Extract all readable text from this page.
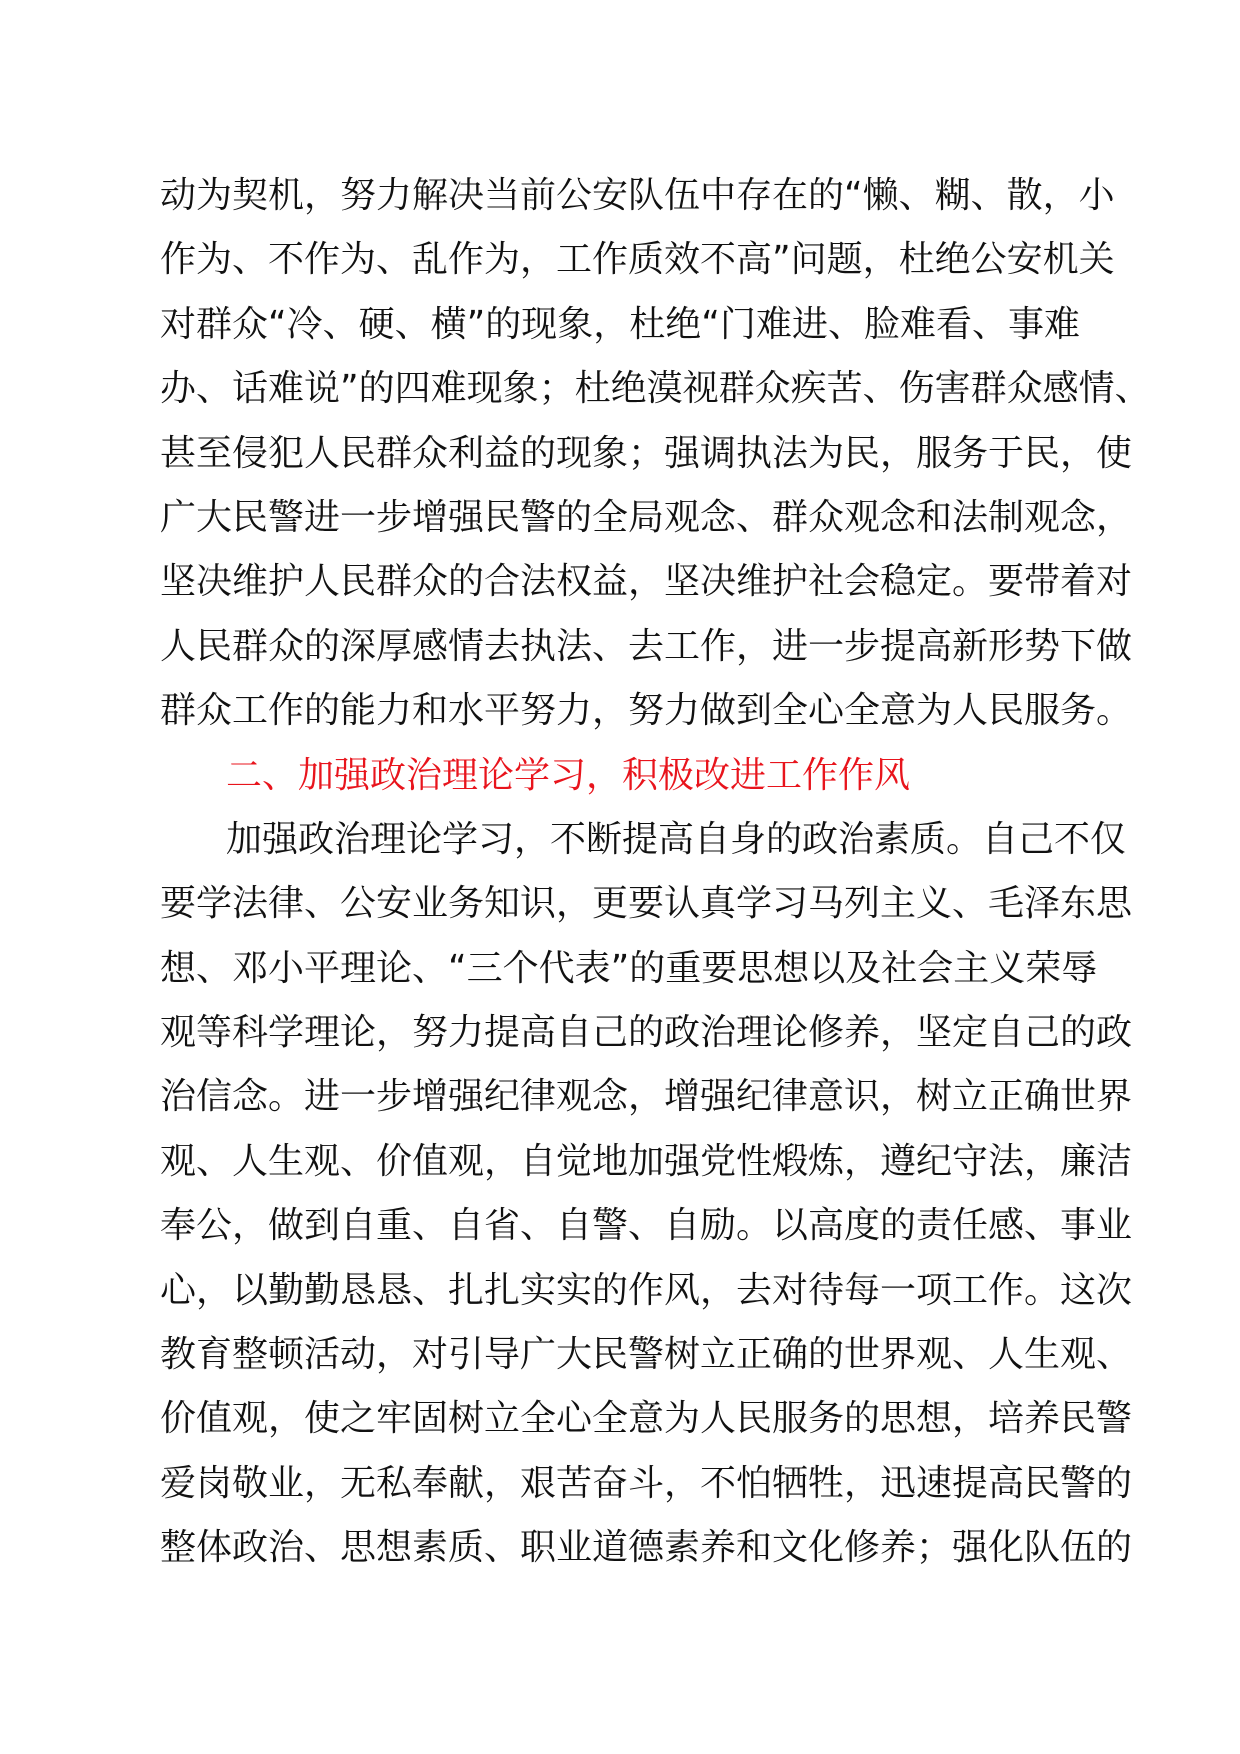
动为契机，努力解决当前公安队伍中存在的“懒、糊、散，小
作为、不作为、乱作为，工作质效不高”问题，杜绝公安机关
对群众“冷、硬、横”的现象，杜绝“门难进、脸难看、事难
办、话难说”的四难现象；杜绝漠视群众疾苦、伤害群众感情、
甚至侵犯人民群众利益的现象；强调执法为民，服务于民，使
广大民警进一步增强民警的全局观念、群众观念和法制观念，
坚决维护人民群众的合法权益，坚决维护社会稳定。要带着对
人民群众的深厚感情去执法、去工作，进一步提高新形势下做
群众工作的能力和水平努力，努力做到全心全意为人民服务。
二、加强政治理论学习，积极改进工作作风
加强政治理论学习，不断提高自身的政治素质。自己不仅
要学法律、公安业务知识，更要认真学习马列主义、毛泽东思
想、邓小平理论、“三个代表”的重要思想以及社会主义荣辱
观等科学理论，努力提高自己的政治理论修养，坚定自己的政
治信念。进一步增强纪律观念，增强纪律意识，树立正确世界
观、人生观、价值观，自觉地加强党性煅炼，遵纪守法，廉洁
奉公，做到自重、自省、自警、自励。以高度的责任感、事业
心，以勤勤恳恳、扎扎实实的作风，去对待每一项工作。这次
教育整顿活动，对引导广大民警树立正确的世界观、人生观、
价值观，使之牢固树立全心全意为人民服务的思想，培养民警
爱岗敬业，无私奉献，艰苦奋斗，不怕牺牲，迅速提高民警的
整体政治、思想素质、职业道德素养和文化修养；强化队伍的
